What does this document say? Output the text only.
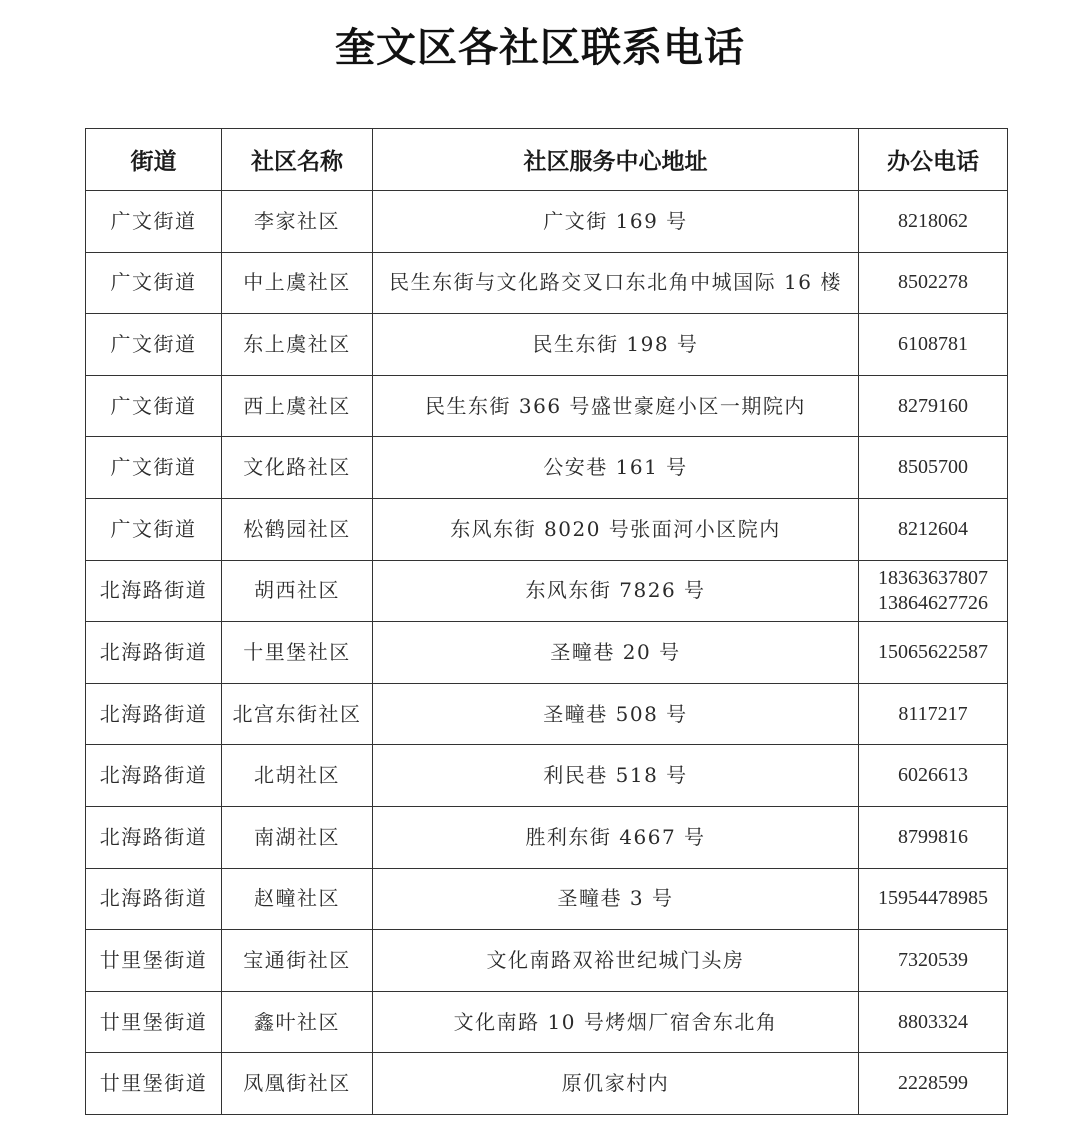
奎文区各社区联系电话
街道	社区名称	社区服务中心地址	办公电话
广文街道	李家社区	广文街 169 号	8218062

广文街道	中上虞社区	民生东街与文化路交叉口东北角中城国际 16 楼	8502278

广文街道	东上虞社区	民生东街 198 号	6108781

广文街道	西上虞社区	民生东街 366 号盛世豪庭小区一期院内	8279160

广文街道	文化路社区	公安巷 161 号	8505700

广文街道	松鹤园社区	东风东街 8020 号张面河小区院内	8212604

北海路街道	胡西社区	东风东街 7826 号	18363637807
13864627726

北海路街道	十里堡社区	圣疃巷 20 号	15065622587

北海路街道	北宫东街社区	圣疃巷 508 号	8117217

北海路街道	北胡社区	利民巷 518 号	6026613

北海路街道	南湖社区	胜利东街 4667 号	8799816

北海路街道	赵疃社区	圣疃巷 3 号	15954478985

廿里堡街道	宝通街社区	文化南路双裕世纪城门头房	7320539

廿里堡街道	鑫叶社区	文化南路 10 号烤烟厂宿舍东北角	8803324

廿里堡街道	凤凰街社区	原仉家村内	2228599
